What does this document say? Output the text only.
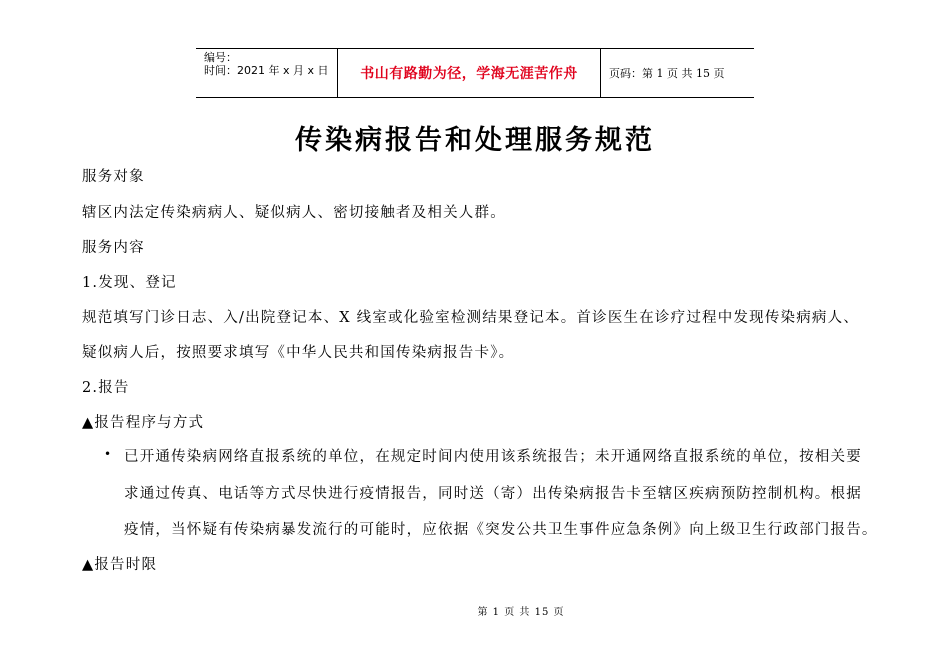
编号：
时间：2021 年 x 月 x 日	书山有路勤为径，学海无涯苦作舟	页码：第 1 页 共 15 页
传染病报告和处理服务规范
服务对象
辖区内法定传染病病人、疑似病人、密切接触者及相关人群。
服务内容
1.发现、登记
规范填写门诊日志、入/出院登记本、X 线室或化验室检测结果登记本。首诊医生在诊疗过程中发现传染病病人、
疑似病人后，按照要求填写《中华人民共和国传染病报告卡》。
2.报告
▲报告程序与方式
• 已开通传染病网络直报系统的单位，在规定时间内使用该系统报告；未开通网络直报系统的单位，按相关要
求通过传真、电话等方式尽快进行疫情报告，同时送（寄）出传染病报告卡至辖区疾病预防控制机构。根据
疫情，当怀疑有传染病暴发流行的可能时，应依据《突发公共卫生事件应急条例》向上级卫生行政部门报告。
▲报告时限
第 1 页 共 15 页
